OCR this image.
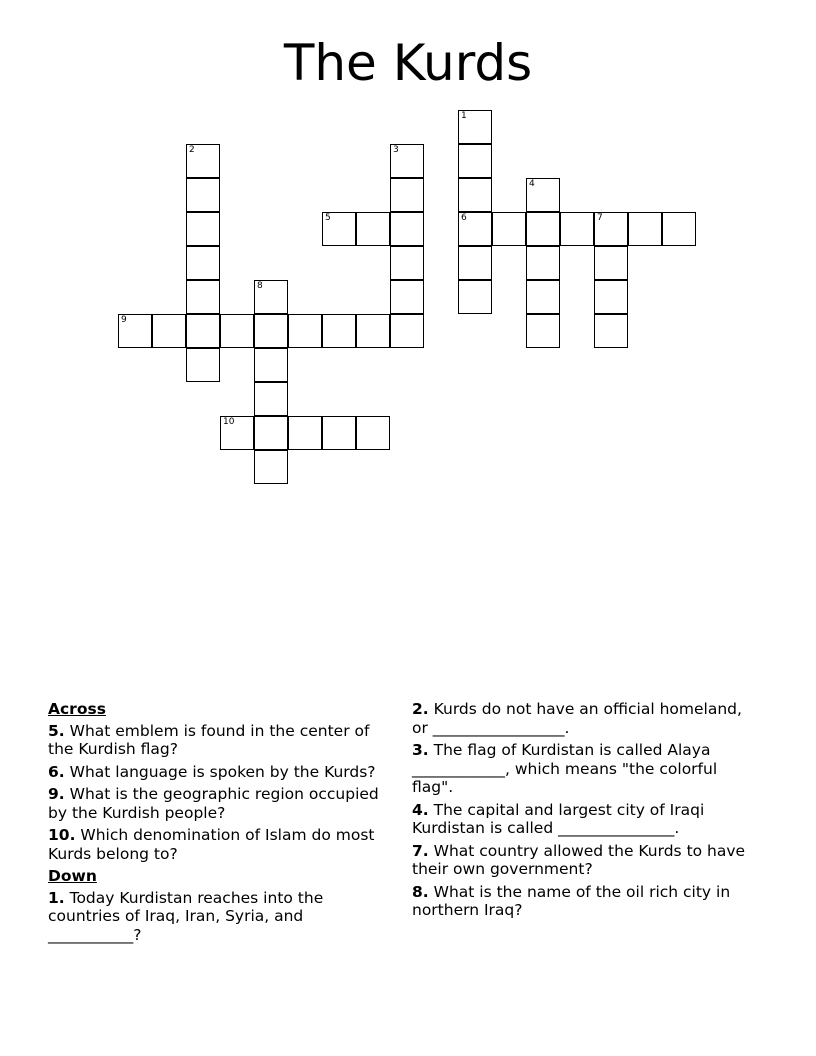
The Kurds
1
6
2	3
4
5	7
8
9
10
Across
5. What emblem is found in the center of the Kurdish flag?
6. What language is spoken by the Kurds?
9. What is the geographic region occupied by the Kurdish people?
10. Which denomination of Islam do most Kurds belong to?
Down
1. Today Kurdistan reaches into the countries of Iraq, Iran, Syria, and ___________?
2. Kurds do not have an official homeland, or _________________.
3. The flag of Kurdistan is called Alaya ____________, which means "the colorful flag".
4. The capital and largest city of Iraqi Kurdistan is called _______________.
7. What country allowed the Kurds to have their own government?
8. What is the name of the oil rich city in northern Iraq?
